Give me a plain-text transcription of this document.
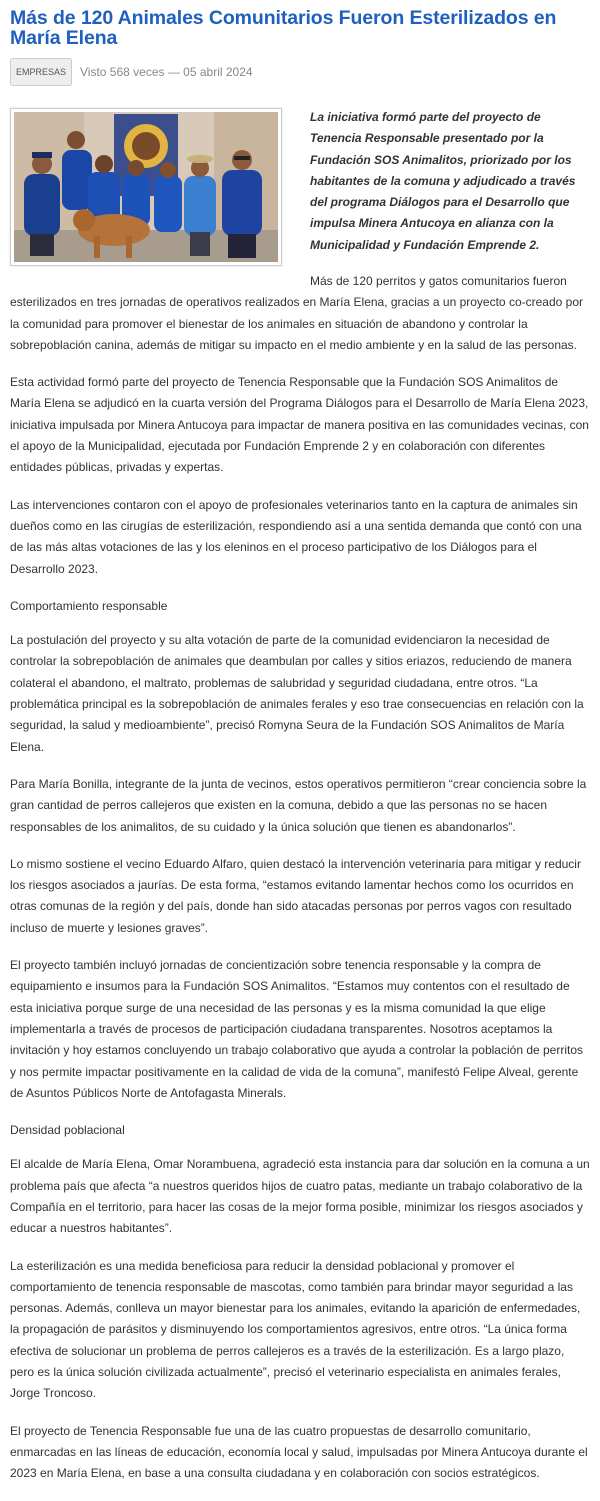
Más de 120 Animales Comunitarios Fueron Esterilizados en María Elena
EMPRESAS	Visto 568 veces — 05 abril 2024

La iniciativa formó parte del proyecto de Tenencia Responsable presentado por la Fundación SOS Animalitos, priorizado por los habitantes de la comuna y adjudicado a través del programa Diálogos para el Desarrollo que impulsa Minera Antucoya en alianza con la Municipalidad y Fundación Emprende 2.

Más de 120 perritos y gatos comunitarios fueron esterilizados en tres jornadas de operativos realizados en María Elena, gracias a un proyecto co-creado por la comunidad para promover el bienestar de los animales en situación de abandono y controlar la sobrepoblación canina, además de mitigar su impacto en el medio ambiente y en la salud de las personas.

Esta actividad formó parte del proyecto de Tenencia Responsable que la Fundación SOS Animalitos de María Elena se adjudicó en la cuarta versión del Programa Diálogos para el Desarrollo de María Elena 2023, iniciativa impulsada por Minera Antucoya para impactar de manera positiva en las comunidades vecinas, con el apoyo de la Municipalidad, ejecutada por Fundación Emprende 2 y en colaboración con diferentes entidades públicas, privadas y expertas.

Las intervenciones contaron con el apoyo de profesionales veterinarios tanto en la captura de animales sin dueños como en las cirugías de esterilización, respondiendo así a una sentida demanda que contó con una de las más altas votaciones de las y los eleninos en el proceso participativo de los Diálogos para el Desarrollo 2023.

Comportamiento responsable

La postulación del proyecto y su alta votación de parte de la comunidad evidenciaron la necesidad de controlar la sobrepoblación de animales que deambulan por calles y sitios eriazos, reduciendo de manera colateral el abandono, el maltrato, problemas de salubridad y seguridad ciudadana, entre otros. “La problemática principal es la sobrepoblación de animales ferales y eso trae consecuencias en relación con la seguridad, la salud y medioambiente”, precisó Romyna Seura de la Fundación SOS Animalitos de María Elena.

Para María Bonilla, integrante de la junta de vecinos, estos operativos permitieron “crear conciencia sobre la gran cantidad de perros callejeros que existen en la comuna, debido a que las personas no se hacen responsables de los animalitos, de su cuidado y la única solución que tienen es abandonarlos”.

Lo mismo sostiene el vecino Eduardo Alfaro, quien destacó la intervención veterinaria para mitigar y reducir los riesgos asociados a jaurías. De esta forma, “estamos evitando lamentar hechos como los ocurridos en otras comunas de la región y del país, donde han sido atacadas personas por perros vagos con resultado incluso de muerte y lesiones graves”.

El proyecto también incluyó jornadas de concientización sobre tenencia responsable y la compra de equipamiento e insumos para la Fundación SOS Animalitos. “Estamos muy contentos con el resultado de esta iniciativa porque surge de una necesidad de las personas y es la misma comunidad la que elige implementarla a través de procesos de participación ciudadana transparentes. Nosotros aceptamos la invitación y hoy estamos concluyendo un trabajo colaborativo que ayuda a controlar la población de perritos y nos permite impactar positivamente en la calidad de vida de la comuna”, manifestó Felipe Alveal, gerente de Asuntos Públicos Norte de Antofagasta Minerals.

Densidad poblacional

El alcalde de María Elena, Omar Norambuena, agradeció esta instancia para dar solución en la comuna a un problema país que afecta “a nuestros queridos hijos de cuatro patas, mediante un trabajo colaborativo de la Compañía en el territorio, para hacer las cosas de la mejor forma posible, minimizar los riesgos asociados y educar a nuestros habitantes”.

La esterilización es una medida beneficiosa para reducir la densidad poblacional y promover el comportamiento de tenencia responsable de mascotas, como también para brindar mayor seguridad a las personas. Además, conlleva un mayor bienestar para los animales, evitando la aparición de enfermedades, la propagación de parásitos y disminuyendo los comportamientos agresivos, entre otros. “La única forma efectiva de solucionar un problema de perros callejeros es a través de la esterilización. Es a largo plazo, pero es la única solución civilizada actualmente”, precisó el veterinario especialista en animales ferales, Jorge Troncoso.

El proyecto de Tenencia Responsable fue una de las cuatro propuestas de desarrollo comunitario, enmarcadas en las líneas de educación, economía local y salud, impulsadas por Minera Antucoya durante el 2023 en María Elena, en base a una consulta ciudadana y en colaboración con socios estratégicos.
